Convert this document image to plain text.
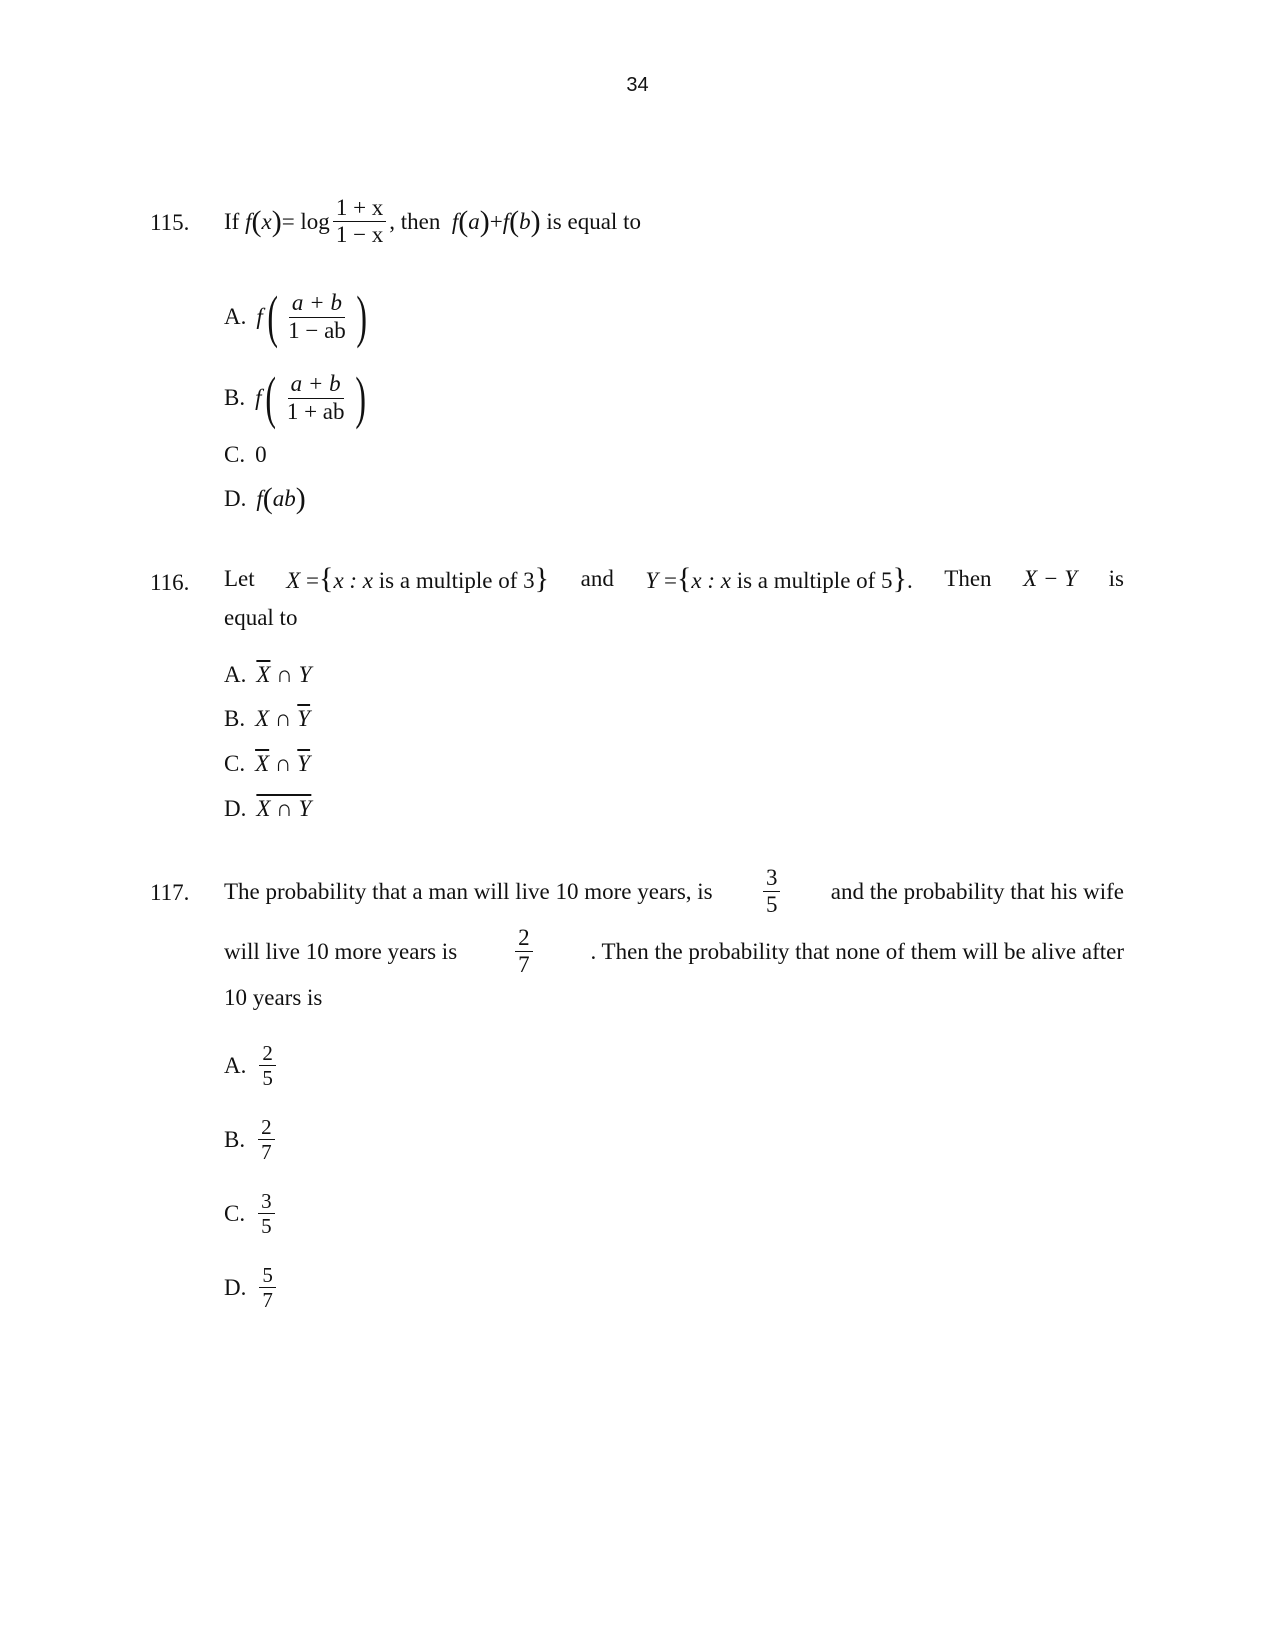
34
115. If
f ( x ) = $\log \frac{1 + x}{1 - x}$ , then
f ( a ) + f ( b )
is equal to
A. f ( $\frac{a + b}{1 - ab}$ )
B. f ( $\frac{a + b}{1 + ab}$ )
C. 0
D. f ( ab )
116. Let X ={x : x is a multiple of 3} and Y ={x : x is a multiple of 5}. Then X − Y is
equal to
A. $\overline{X}$
∩
Y
B. X
∩
$\overline{Y}$
C. $\overline{X}$
∩
$\overline{Y}$
D. X ∩ Y
117. The probability that a man will live 10 more years, is $\frac{3}{5}$ and the probability that his wife
will live 10 more years is	$\frac{2}{7}$	. Then the probability that none of them will be alive after
10 years is
A. $\frac{2}{5}$
B. $\frac{2}{7}$
C. $\frac{3}{5}$
D. $\frac{5}{7}$
